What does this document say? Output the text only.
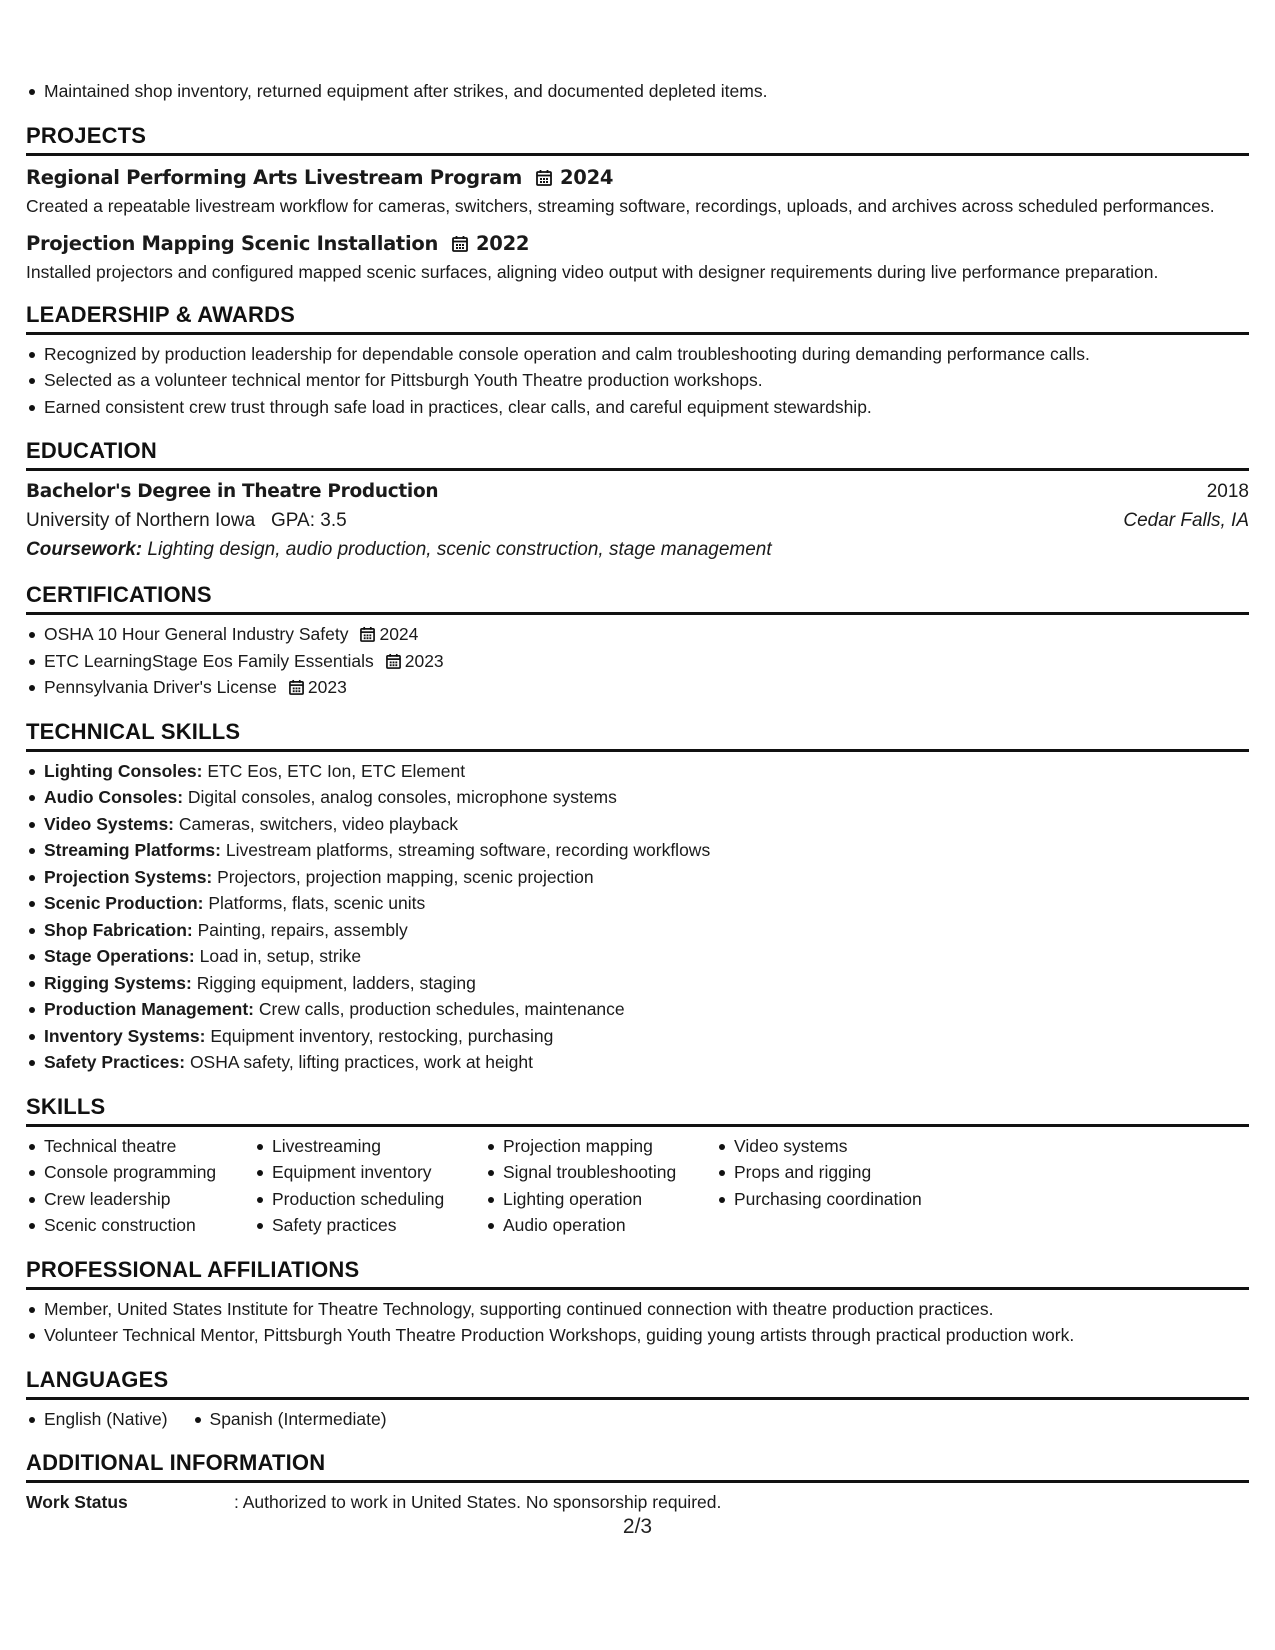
Maintained shop inventory, returned equipment after strikes, and documented depleted items.
PROJECTS
Regional Performing Arts Livestream Program 2024
Created a repeatable livestream workflow for cameras, switchers, streaming software, recordings, uploads, and archives across scheduled performances.
Projection Mapping Scenic Installation 2022
Installed projectors and configured mapped scenic surfaces, aligning video output with designer requirements during live performance preparation.
LEADERSHIP & AWARDS
Recognized by production leadership for dependable console operation and calm troubleshooting during demanding performance calls.
Selected as a volunteer technical mentor for Pittsburgh Youth Theatre production workshops.
Earned consistent crew trust through safe load in practices, clear calls, and careful equipment stewardship.
EDUCATION
Bachelor's Degree in Theatre Production	2018
University of Northern Iowa   GPA: 3.5	Cedar Falls, IA
Coursework: Lighting design, audio production, scenic construction, stage management
CERTIFICATIONS
OSHA 10 Hour General Industry Safety 2024
ETC LearningStage Eos Family Essentials 2023
Pennsylvania Driver's License 2023
TECHNICAL SKILLS
Lighting Consoles: ETC Eos, ETC Ion, ETC Element
Audio Consoles: Digital consoles, analog consoles, microphone systems
Video Systems: Cameras, switchers, video playback
Streaming Platforms: Livestream platforms, streaming software, recording workflows
Projection Systems: Projectors, projection mapping, scenic projection
Scenic Production: Platforms, flats, scenic units
Shop Fabrication: Painting, repairs, assembly
Stage Operations: Load in, setup, strike
Rigging Systems: Rigging equipment, ladders, staging
Production Management: Crew calls, production schedules, maintenance
Inventory Systems: Equipment inventory, restocking, purchasing
Safety Practices: OSHA safety, lifting practices, work at height
SKILLS
Technical theatre
Console programming
Crew leadership
Scenic construction
Livestreaming
Equipment inventory
Production scheduling
Safety practices
Projection mapping
Signal troubleshooting
Lighting operation
Audio operation
Video systems
Props and rigging
Purchasing coordination
PROFESSIONAL AFFILIATIONS
Member, United States Institute for Theatre Technology, supporting continued connection with theatre production practices.
Volunteer Technical Mentor, Pittsburgh Youth Theatre Production Workshops, guiding young artists through practical production work.
LANGUAGES
English (Native)	Spanish (Intermediate)
ADDITIONAL INFORMATION
Work Status	: Authorized to work in United States. No sponsorship required.
2/3
